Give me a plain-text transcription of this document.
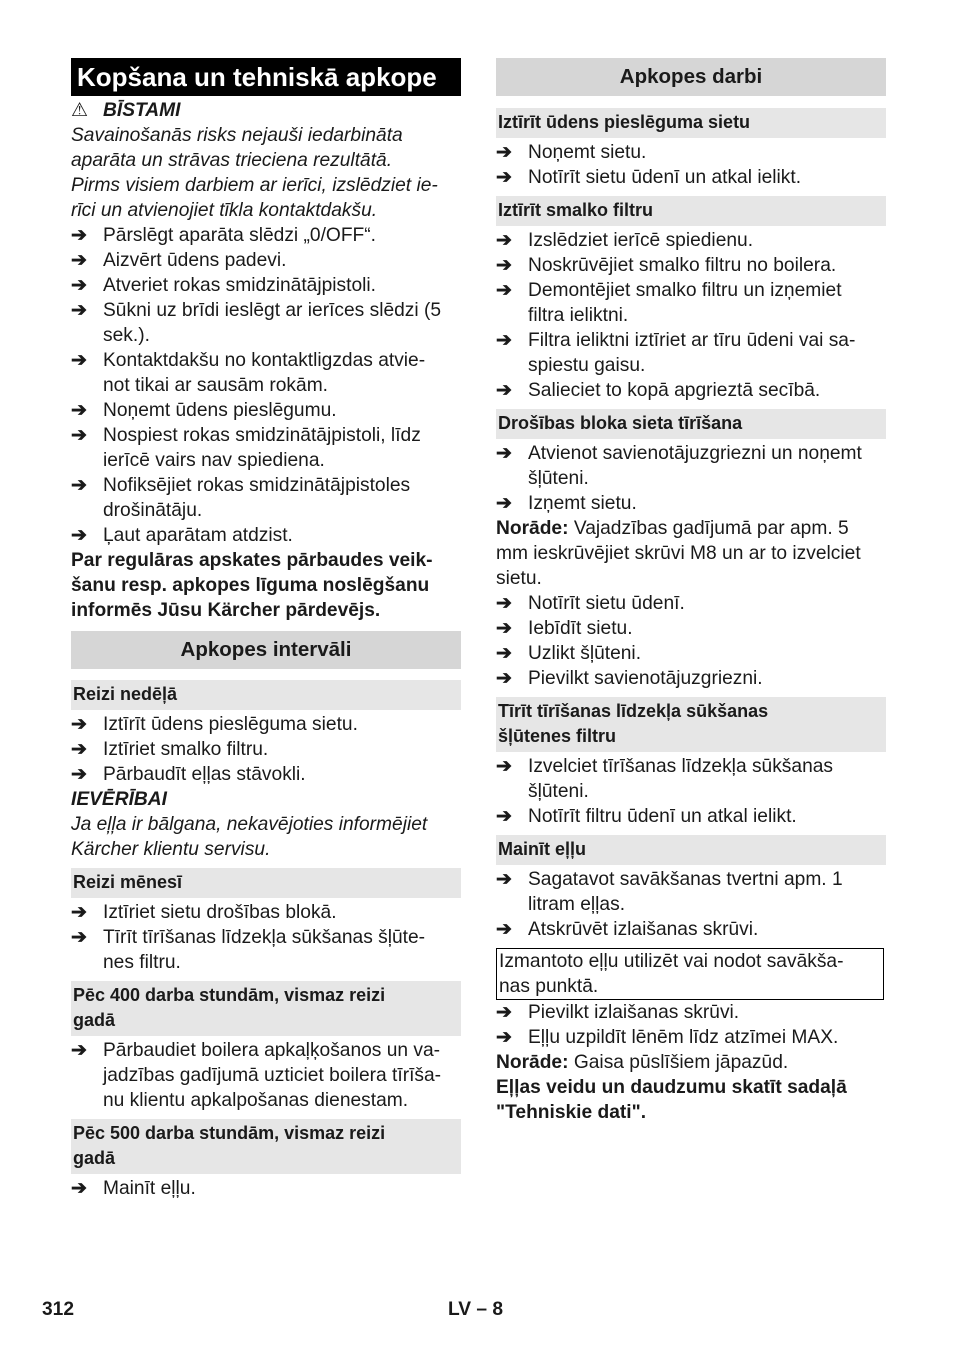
Kopšana un tehniskā apkope
⚠ BĪSTAMI
Savainošanās risks nejauši iedarbināta
aparāta un strāvas trieciena rezultātā.
Pirms visiem darbiem ar ierīci, izslēdziet ie-
rīci un atvienojiet tīkla kontaktdakšu.
➔ Pārslēgt aparāta slēdzi „0/OFF“.
➔ Aizvērt ūdens padevi.
➔ Atveriet rokas smidzinātājpistoli.
➔ Sūkni uz brīdi ieslēgt ar ierīces slēdzi (5
sek.).
➔ Kontaktdakšu no kontaktligzdas atvie-
not tikai ar sausām rokām.
➔ Noņemt ūdens pieslēgumu.
➔ Nospiest rokas smidzinātājpistoli, līdz
ierīcē vairs nav spiediena.
➔ Nofiksējiet rokas smidzinātājpistoles
drošinātāju.
➔ Ļaut aparātam atdzist.
Par regulāras apskates pārbaudes veik-
šanu resp. apkopes līguma noslēgšanu
informēs Jūsu Kärcher pārdevējs.
Apkopes intervāli
Reizi nedēļā
➔ Iztīrīt ūdens pieslēguma sietu.
➔ Iztīriet smalko filtru.
➔ Pārbaudīt eļļas stāvokli.
IEVĒRĪBAI
Ja eļļa ir bālgana, nekavējoties informējiet
Kärcher klientu servisu.
Reizi mēnesī
➔ Iztīriet sietu drošības blokā.
➔ Tīrīt tīrīšanas līdzekļa sūkšanas šļūte-
nes filtru.
Pēc 400 darba stundām, vismaz reizi
gadā
➔ Pārbaudiet boilera apkaļķošanos un va-
jadzības gadījumā uzticiet boilera tīrīša-
nu klientu apkalpošanas dienestam.
Pēc 500 darba stundām, vismaz reizi
gadā
➔ Mainīt eļļu.
Apkopes darbi
Iztīrīt ūdens pieslēguma sietu
➔ Noņemt sietu.
➔ Notīrīt sietu ūdenī un atkal ielikt.
Iztīrīt smalko filtru
➔ Izslēdziet ierīcē spiedienu.
➔ Noskrūvējiet smalko filtru no boilera.
➔ Demontējiet smalko filtru un izņemiet
filtra ieliktni.
➔ Filtra ieliktni iztīriet ar tīru ūdeni vai sa-
spiestu gaisu.
➔ Salieciet to kopā apgrieztā secībā.
Drošības bloka sieta tīrīšana
➔ Atvienot savienotājuzgriezni un noņemt
šļūteni.
➔ Izņemt sietu.
Norāde: Vajadzības gadījumā par apm. 5
mm ieskrūvējiet skrūvi M8 un ar to izvelciet
sietu.
➔ Notīrīt sietu ūdenī.
➔ Iebīdīt sietu.
➔ Uzlikt šļūteni.
➔ Pievilkt savienotājuzgriezni.
Tīrīt tīrīšanas līdzekļa sūkšanas
šļūtenes filtru
➔ Izvelciet tīrīšanas līdzekļa sūkšanas
šļūteni.
➔ Notīrīt filtru ūdenī un atkal ielikt.
Mainīt eļļu
➔ Sagatavot savākšanas tvertni apm. 1
litram eļļas.
➔ Atskrūvēt izlaišanas skrūvi.
Izmantoto eļļu utilizēt vai nodot savākša-
nas punktā.
➔ Pievilkt izlaišanas skrūvi.
➔ Eļļu uzpildīt lēnēm līdz atzīmei MAX.
Norāde: Gaisa pūslīšiem jāpazūd.
Eļļas veidu un daudzumu skatīt sadaļā
"Tehniskie dati".
312	LV – 8
